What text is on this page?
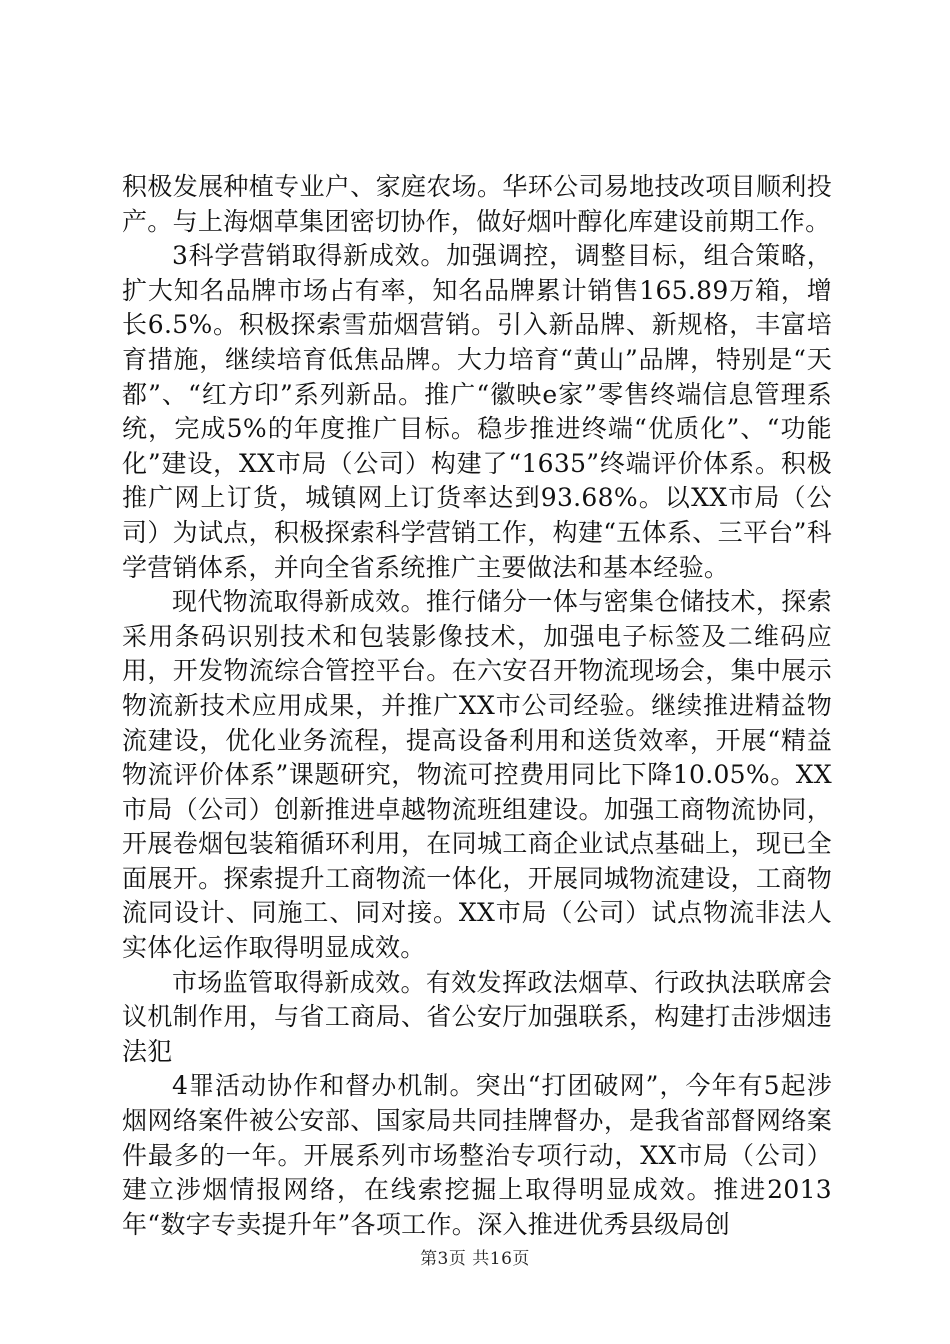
积极发展种植专业户、家庭农场。华环公司易地技改项目顺利投产。与上海烟草集团密切协作，做好烟叶醇化库建设前期工作。

3科学营销取得新成效。加强调控，调整目标，组合策略，扩大知名品牌市场占有率，知名品牌累计销售165.89万箱，增长6.5%。积极探索雪茄烟营销。引入新品牌、新规格，丰富培育措施，继续培育低焦品牌。大力培育“黄山”品牌，特别是“天都”、“红方印”系列新品。推广“徽映e家”零售终端信息管理系统，完成5%的年度推广目标。稳步推进终端“优质化”、“功能化”建设，XX市局（公司）构建了“1635”终端评价体系。积极推广网上订货，城镇网上订货率达到93.68%。以XX市局（公司）为试点，积极探索科学营销工作，构建“五体系、三平台”科学营销体系，并向全省系统推广主要做法和基本经验。

现代物流取得新成效。推行储分一体与密集仓储技术，探索采用条码识别技术和包装影像技术，加强电子标签及二维码应用，开发物流综合管控平台。在六安召开物流现场会，集中展示物流新技术应用成果，并推广XX市公司经验。继续推进精益物流建设，优化业务流程，提高设备利用和送货效率，开展“精益物流评价体系”课题研究，物流可控费用同比下降10.05%。XX市局（公司）创新推进卓越物流班组建设。加强工商物流协同，开展卷烟包装箱循环利用，在同城工商企业试点基础上，现已全面展开。探索提升工商物流一体化，开展同城物流建设，工商物流同设计、同施工、同对接。XX市局（公司）试点物流非法人实体化运作取得明显成效。

市场监管取得新成效。有效发挥政法烟草、行政执法联席会议机制作用，与省工商局、省公安厅加强联系，构建打击涉烟违法犯

4罪活动协作和督办机制。突出“打团破网”，今年有5起涉烟网络案件被公安部、国家局共同挂牌督办，是我省部督网络案件最多的一年。开展系列市场整治专项行动，XX市局（公司）建立涉烟情报网络，在线索挖掘上取得明显成效。推进2013年“数字专卖提升年”各项工作。深入推进优秀县级局创

第3页 共16页
